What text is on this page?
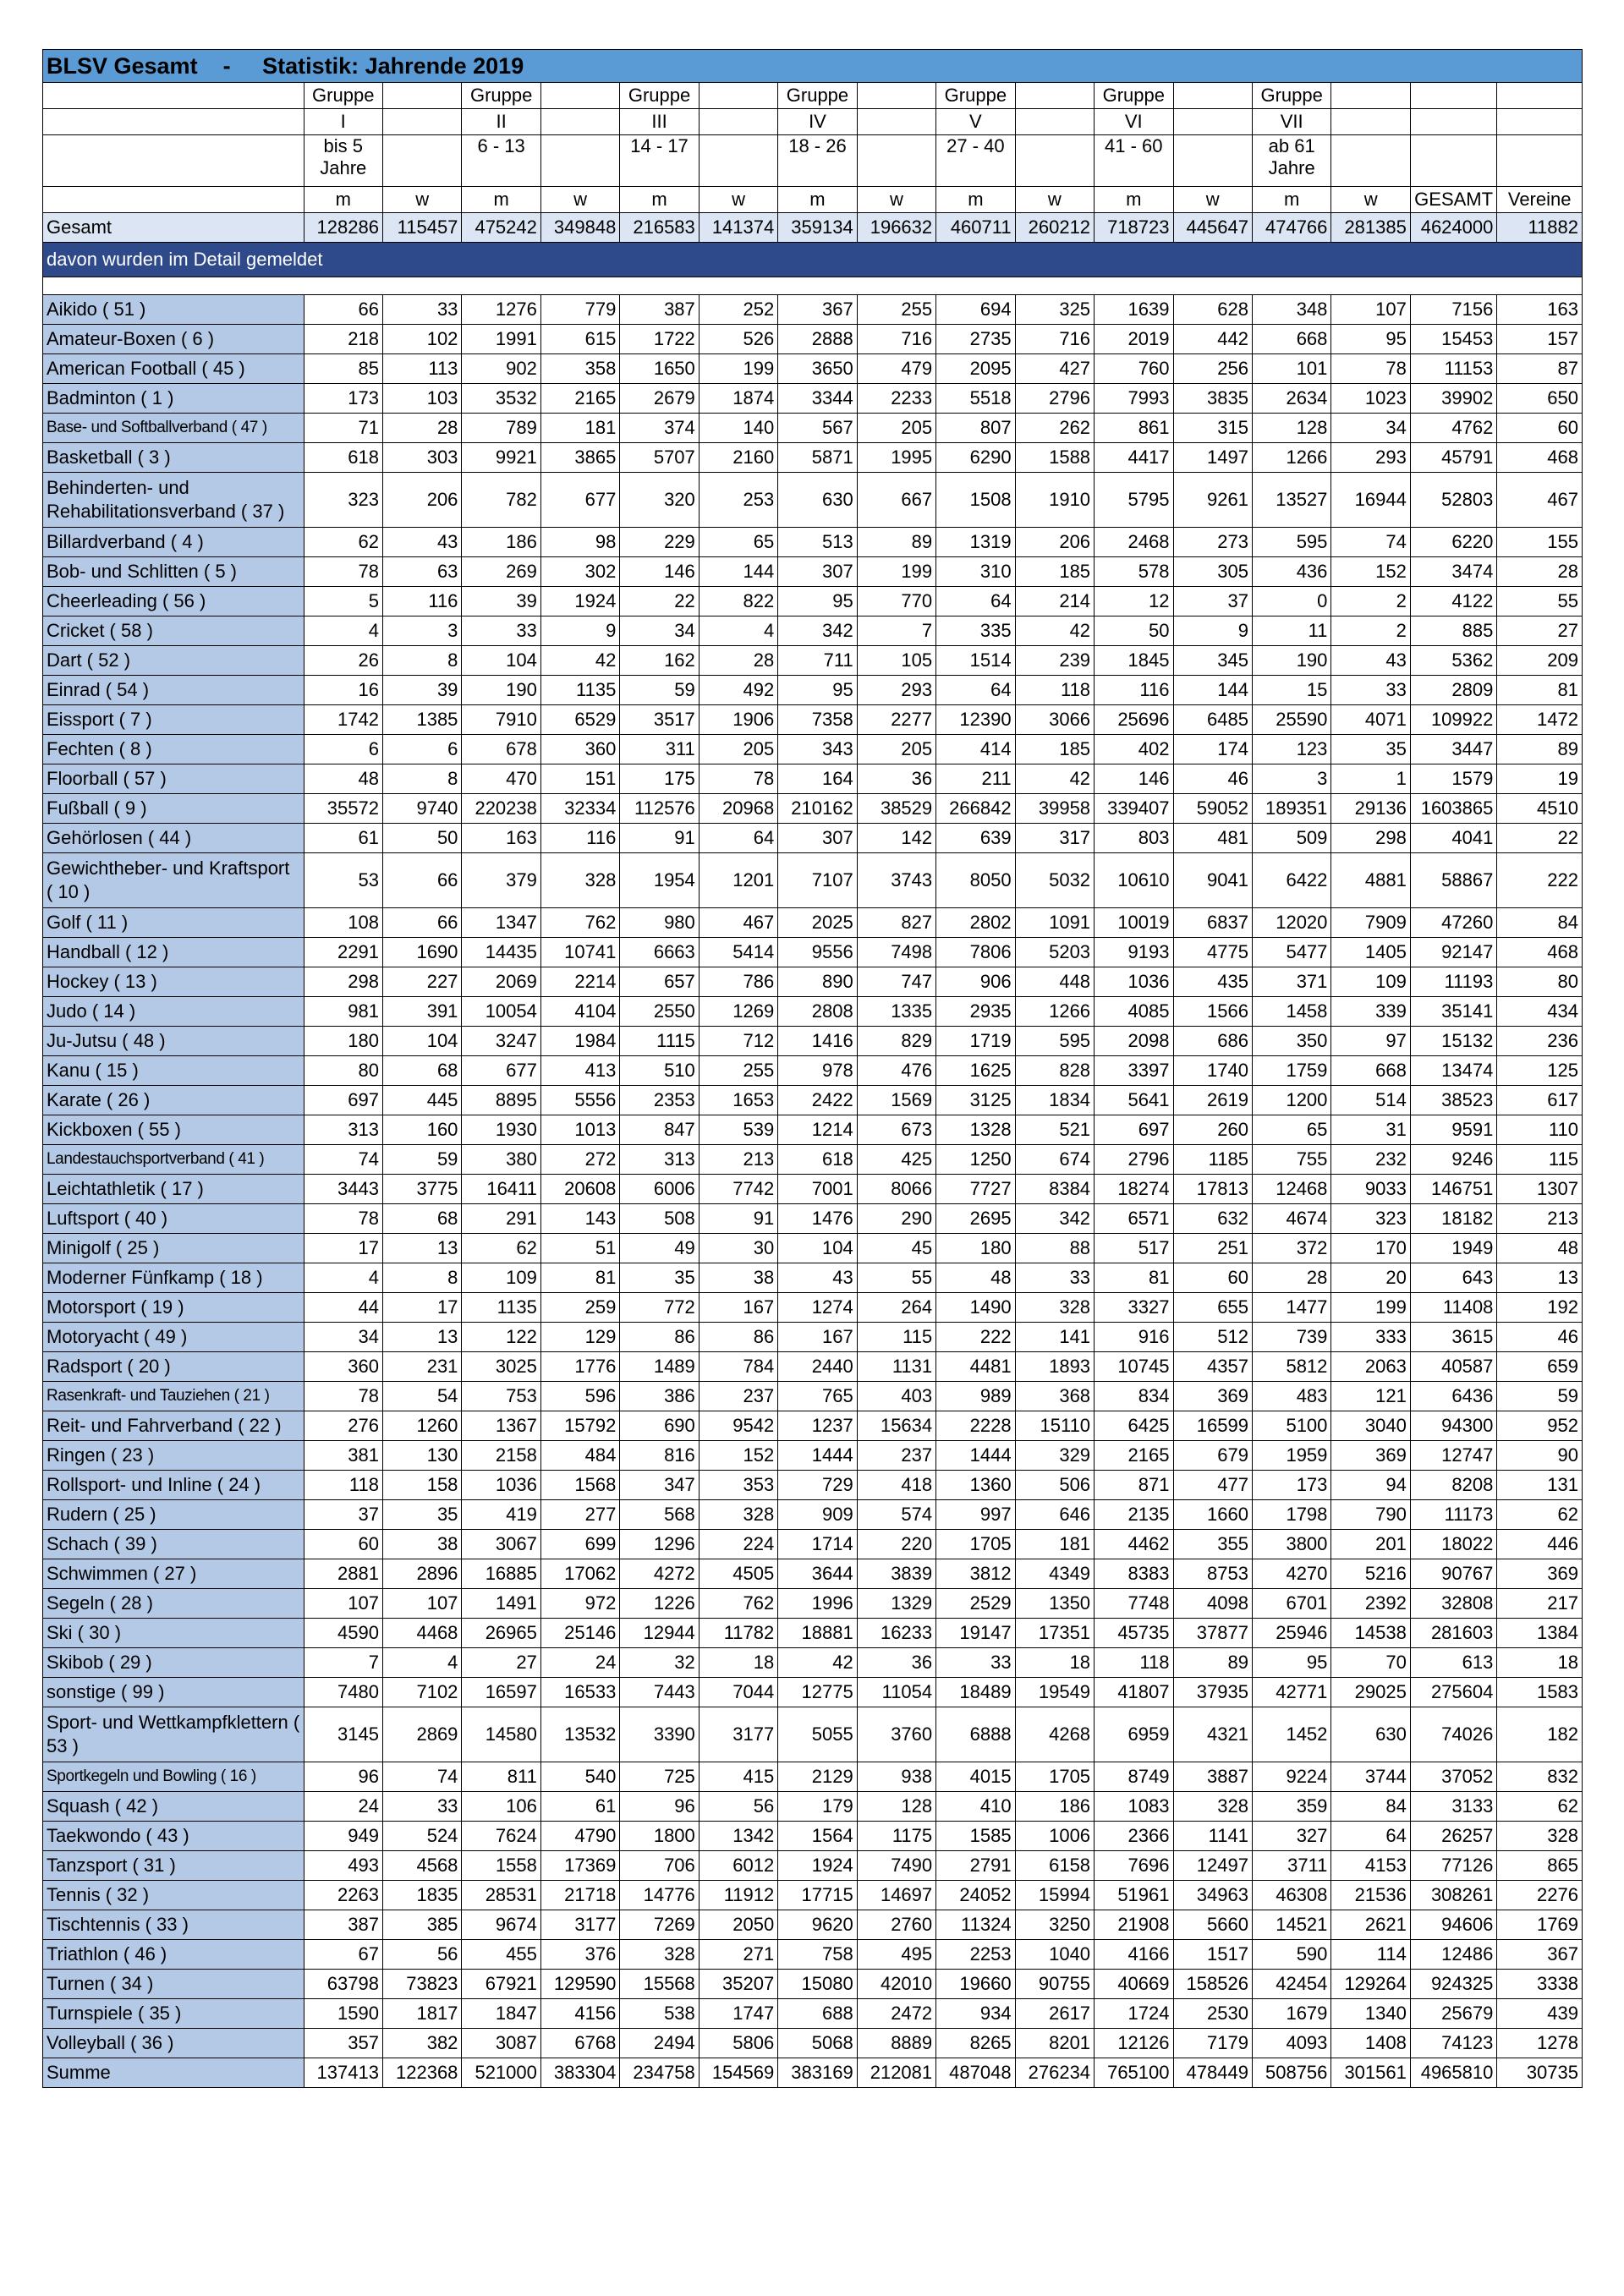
BLSV Gesamt    -     Statistik: Jahrende 2019																
	Gruppe		Gruppe		Gruppe		Gruppe		Gruppe		Gruppe		Gruppe			
	I		II		III		IV		V		VI		VII			
	bis 5 Jahre		6 - 13		14 - 17		18 - 26		27 - 40		41 - 60		ab 61 Jahre			
	m	w	m	w	m	w	m	w	m	w	m	w	m	w	GESAMT	Vereine
Gesamt	128286	115457	475242	349848	216583	141374	359134	196632	460711	260212	718723	445647	474766	281385	4624000	11882
davon wurden im Detail gemeldet																

Aikido ( 51 )	66	33	1276	779	387	252	367	255	694	325	1639	628	348	107	7156	163
Amateur-Boxen ( 6 )	218	102	1991	615	1722	526	2888	716	2735	716	2019	442	668	95	15453	157
American Football ( 45 )	85	113	902	358	1650	199	3650	479	2095	427	760	256	101	78	11153	87
Badminton ( 1 )	173	103	3532	2165	2679	1874	3344	2233	5518	2796	7993	3835	2634	1023	39902	650
Base- und Softballverband ( 47 )	71	28	789	181	374	140	567	205	807	262	861	315	128	34	4762	60
Basketball ( 3 )	618	303	9921	3865	5707	2160	5871	1995	6290	1588	4417	1497	1266	293	45791	468
Behinderten- und Rehabilitationsverband ( 37 )	323	206	782	677	320	253	630	667	1508	1910	5795	9261	13527	16944	52803	467
Billardverband ( 4 )	62	43	186	98	229	65	513	89	1319	206	2468	273	595	74	6220	155
Bob- und Schlitten ( 5 )	78	63	269	302	146	144	307	199	310	185	578	305	436	152	3474	28
Cheerleading ( 56 )	5	116	39	1924	22	822	95	770	64	214	12	37	0	2	4122	55
Cricket ( 58 )	4	3	33	9	34	4	342	7	335	42	50	9	11	2	885	27
Dart ( 52 )	26	8	104	42	162	28	711	105	1514	239	1845	345	190	43	5362	209
Einrad ( 54 )	16	39	190	1135	59	492	95	293	64	118	116	144	15	33	2809	81
Eissport ( 7 )	1742	1385	7910	6529	3517	1906	7358	2277	12390	3066	25696	6485	25590	4071	109922	1472
Fechten ( 8 )	6	6	678	360	311	205	343	205	414	185	402	174	123	35	3447	89
Floorball ( 57 )	48	8	470	151	175	78	164	36	211	42	146	46	3	1	1579	19
Fußball ( 9 )	35572	9740	220238	32334	112576	20968	210162	38529	266842	39958	339407	59052	189351	29136	1603865	4510
Gehörlosen ( 44 )	61	50	163	116	91	64	307	142	639	317	803	481	509	298	4041	22
Gewichtheber- und Kraftsport ( 10 )	53	66	379	328	1954	1201	7107	3743	8050	5032	10610	9041	6422	4881	58867	222
Golf ( 11 )	108	66	1347	762	980	467	2025	827	2802	1091	10019	6837	12020	7909	47260	84
Handball ( 12 )	2291	1690	14435	10741	6663	5414	9556	7498	7806	5203	9193	4775	5477	1405	92147	468
Hockey ( 13 )	298	227	2069	2214	657	786	890	747	906	448	1036	435	371	109	11193	80
Judo ( 14 )	981	391	10054	4104	2550	1269	2808	1335	2935	1266	4085	1566	1458	339	35141	434
Ju-Jutsu ( 48 )	180	104	3247	1984	1115	712	1416	829	1719	595	2098	686	350	97	15132	236
Kanu ( 15 )	80	68	677	413	510	255	978	476	1625	828	3397	1740	1759	668	13474	125
Karate ( 26 )	697	445	8895	5556	2353	1653	2422	1569	3125	1834	5641	2619	1200	514	38523	617
Kickboxen ( 55 )	313	160	1930	1013	847	539	1214	673	1328	521	697	260	65	31	9591	110
Landestauchsportverband ( 41 )	74	59	380	272	313	213	618	425	1250	674	2796	1185	755	232	9246	115
Leichtathletik ( 17 )	3443	3775	16411	20608	6006	7742	7001	8066	7727	8384	18274	17813	12468	9033	146751	1307
Luftsport ( 40 )	78	68	291	143	508	91	1476	290	2695	342	6571	632	4674	323	18182	213
Minigolf ( 25 )	17	13	62	51	49	30	104	45	180	88	517	251	372	170	1949	48
Moderner Fünfkamp ( 18 )	4	8	109	81	35	38	43	55	48	33	81	60	28	20	643	13
Motorsport ( 19 )	44	17	1135	259	772	167	1274	264	1490	328	3327	655	1477	199	11408	192
Motoryacht ( 49 )	34	13	122	129	86	86	167	115	222	141	916	512	739	333	3615	46
Radsport ( 20 )	360	231	3025	1776	1489	784	2440	1131	4481	1893	10745	4357	5812	2063	40587	659
Rasenkraft- und Tauziehen ( 21 )	78	54	753	596	386	237	765	403	989	368	834	369	483	121	6436	59
Reit- und Fahrverband ( 22 )	276	1260	1367	15792	690	9542	1237	15634	2228	15110	6425	16599	5100	3040	94300	952
Ringen ( 23 )	381	130	2158	484	816	152	1444	237	1444	329	2165	679	1959	369	12747	90
Rollsport- und Inline ( 24 )	118	158	1036	1568	347	353	729	418	1360	506	871	477	173	94	8208	131
Rudern ( 25 )	37	35	419	277	568	328	909	574	997	646	2135	1660	1798	790	11173	62
Schach ( 39 )	60	38	3067	699	1296	224	1714	220	1705	181	4462	355	3800	201	18022	446
Schwimmen ( 27 )	2881	2896	16885	17062	4272	4505	3644	3839	3812	4349	8383	8753	4270	5216	90767	369
Segeln ( 28 )	107	107	1491	972	1226	762	1996	1329	2529	1350	7748	4098	6701	2392	32808	217
Ski ( 30 )	4590	4468	26965	25146	12944	11782	18881	16233	19147	17351	45735	37877	25946	14538	281603	1384
Skibob ( 29 )	7	4	27	24	32	18	42	36	33	18	118	89	95	70	613	18
sonstige ( 99 )	7480	7102	16597	16533	7443	7044	12775	11054	18489	19549	41807	37935	42771	29025	275604	1583
Sport- und Wettkampfklettern ( 53 )	3145	2869	14580	13532	3390	3177	5055	3760	6888	4268	6959	4321	1452	630	74026	182
Sportkegeln und Bowling ( 16 )	96	74	811	540	725	415	2129	938	4015	1705	8749	3887	9224	3744	37052	832
Squash ( 42 )	24	33	106	61	96	56	179	128	410	186	1083	328	359	84	3133	62
Taekwondo ( 43 )	949	524	7624	4790	1800	1342	1564	1175	1585	1006	2366	1141	327	64	26257	328
Tanzsport ( 31 )	493	4568	1558	17369	706	6012	1924	7490	2791	6158	7696	12497	3711	4153	77126	865
Tennis ( 32 )	2263	1835	28531	21718	14776	11912	17715	14697	24052	15994	51961	34963	46308	21536	308261	2276
Tischtennis ( 33 )	387	385	9674	3177	7269	2050	9620	2760	11324	3250	21908	5660	14521	2621	94606	1769
Triathlon ( 46 )	67	56	455	376	328	271	758	495	2253	1040	4166	1517	590	114	12486	367
Turnen ( 34 )	63798	73823	67921	129590	15568	35207	15080	42010	19660	90755	40669	158526	42454	129264	924325	3338
Turnspiele ( 35 )	1590	1817	1847	4156	538	1747	688	2472	934	2617	1724	2530	1679	1340	25679	439
Volleyball ( 36 )	357	382	3087	6768	2494	5806	5068	8889	8265	8201	12126	7179	4093	1408	74123	1278
Summe	137413	122368	521000	383304	234758	154569	383169	212081	487048	276234	765100	478449	508756	301561	4965810	30735
